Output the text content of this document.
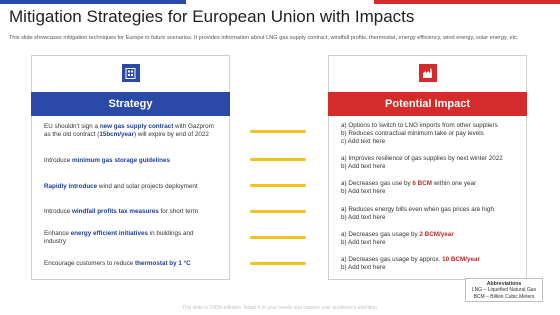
Mitigation Strategies for European Union with Impacts
This slide showcases mitigation techniques for Europe in future scenarios. It provides information about LNG gas supply contract, windfall profits, thermostat, energy efficiency, wind energy, solar energy, etc.
Strategy
EU shouldn't sign a new gas supply contract with Gazprom
as the old contract (15bcm/year) will expire by end of 2022
Introduce minimum gas storage guidelines
Rapidly introduce wind and solar projects deployment
Introduce windfall profits tax measures for short term
Enhance energy efficient initiatives in buildings and
industry
Encourage customers to reduce thermostat by 1 °C
Potential Impact
a) Options to switch to LNG imports from other suppliers
b) Reduces contractual minimum take or pay levels
c) Add text here
a) Improves resilience of gas supplies by next winter 2022
b) Add text here
a) Decreases gas use by 6 BCM within one year
b) Add text here
a) Reduces energy bills even when gas prices are high
b) Add text here
a) Decreases gas usage by 2 BCM/year
b) Add text here
a) Decreases gas usage by approx. 10 BCM/year
b) Add text here
Abbreviations
LNG – Liquefied Natural Gas
BCM – Billion Cubic Meters
This slide is 100% editable. Adapt it to your needs and capture your audience's attention.
